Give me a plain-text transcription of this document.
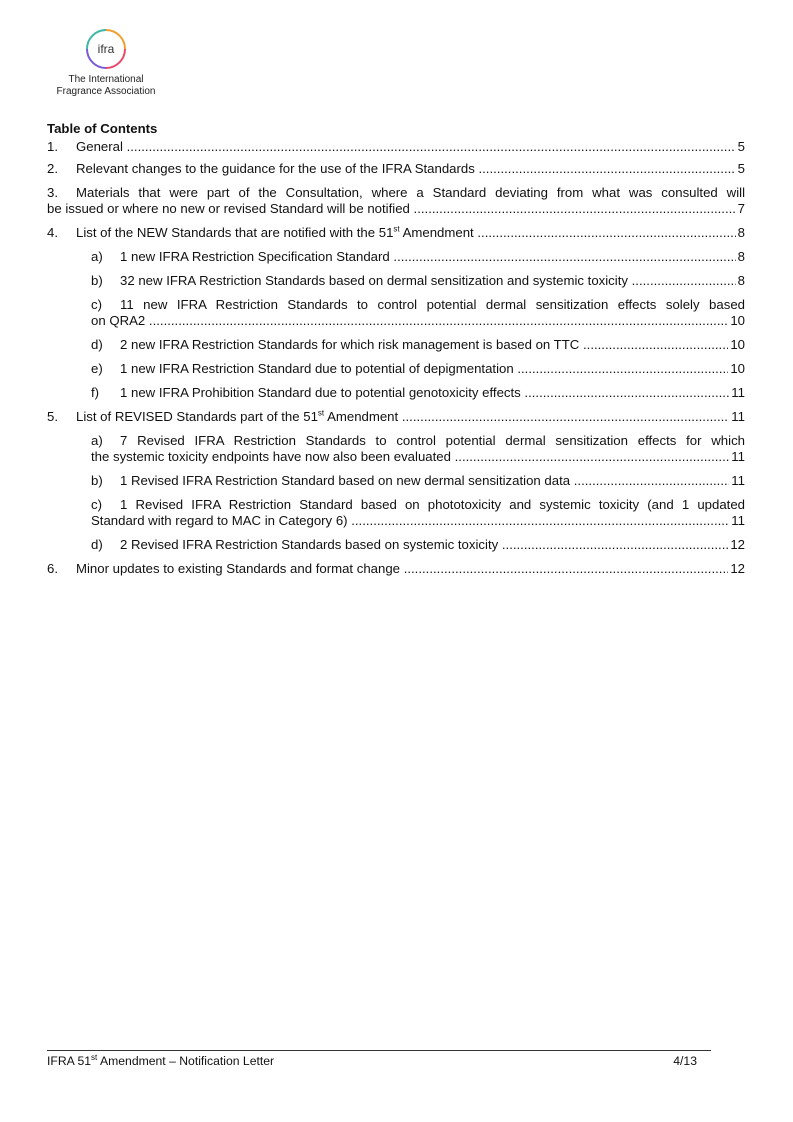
ifra
The International
Fragrance Association
Table of Contents
1.	General .....	5
2.	Relevant changes to the guidance for the use of the IFRA Standards .....	5
3. Materials that were part of the Consultation, where a Standard deviating from what was consulted will
be issued or where no new or revised Standard will be notified .....	7
4.	List of the NEW Standards that are notified with the 51st Amendment .....	8
a)	1 new IFRA Restriction Specification Standard .....	8
b)	32 new IFRA Restriction Standards based on dermal sensitization and systemic toxicity .....	8
c) 11 new IFRA Restriction Standards to control potential dermal sensitization effects solely based
on QRA2 .....	10
d)	2 new IFRA Restriction Standards for which risk management is based on TTC .....	10
e)	1 new IFRA Restriction Standard due to potential of depigmentation .....	10
f)	1 new IFRA Prohibition Standard due to potential genotoxicity effects .....	11
5.	List of REVISED Standards part of the 51st Amendment .....	11
a) 7 Revised IFRA Restriction Standards to control potential dermal sensitization effects for which
the systemic toxicity endpoints have now also been evaluated .....	11
b)	1 Revised IFRA Restriction Standard based on new dermal sensitization data .....	11
c) 1 Revised IFRA Restriction Standard based on phototoxicity and systemic toxicity (and 1 updated
Standard with regard to MAC in Category 6) .....	11
d)	2 Revised IFRA Restriction Standards based on systemic toxicity .....	12
6.	Minor updates to existing Standards and format change .....	12
IFRA 51st Amendment – Notification Letter	4/13
